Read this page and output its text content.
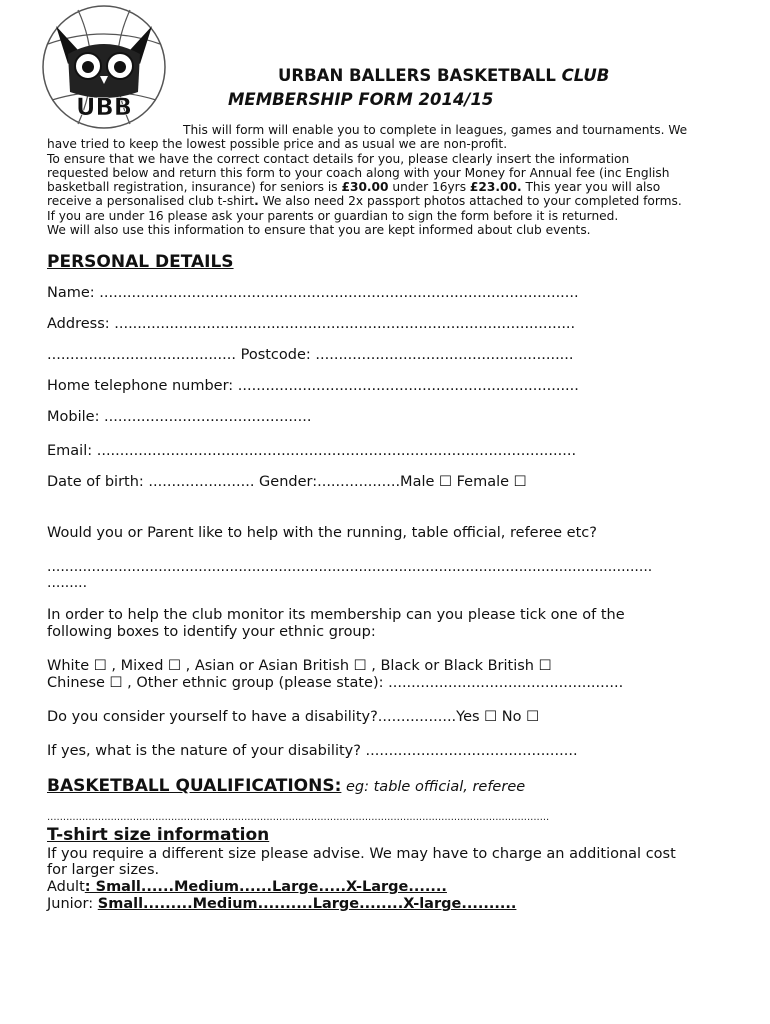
UBB
URBAN BALLERS BASKETBALL CLUB
MEMBERSHIP FORM 2014/15
This will form will enable you to complete in leagues, games and tournaments. We
have tried to keep the lowest possible price and as usual we are non-profit.
To ensure that we have the correct contact details for you, please clearly insert the information
requested below and return this form to your coach along with your Money for Annual fee (inc English
basketball registration, insurance) for seniors is £30.00 under 16yrs £23.00. This year you will also
receive a personalised club t-shirt. We also need 2x passport photos attached to your completed forms.
If you are under 16 please ask your parents or guardian to sign the form before it is returned.
We will also use this information to ensure that you are kept informed about club events.
PERSONAL DETAILS
Name: ........................................................................................................
Address: ....................................................................................................
......................................... Postcode: ........................................................
Home telephone number: ..........................................................................
Mobile: .............................................
Email: ........................................................................................................
Date of birth: ....................... Gender:..................Male ☐ Female ☐
Would you or Parent like to help with the running, table official, referee etc?
........................................................................................................................................
.........
In order to help the club monitor its membership can you please tick one of the
following boxes to identify your ethnic group:
White ☐ , Mixed ☐ , Asian or Asian British ☐ , Black or Black British ☐
Chinese ☐ , Other ethnic group (please state): ...................................................
Do you consider yourself to have a disability?.................Yes ☐ No ☐
If yes, what is the nature of your disability? ..............................................
BASKETBALL QUALIFICATIONS: eg: table official, referee
..............................................................................................................................................................
T-shirt size information
If you require a different size please advise. We may have to charge an additional cost
for larger sizes.
Adult: Small......Medium......Large.....X-Large.......
Junior: Small.........Medium..........Large........X-large..........
